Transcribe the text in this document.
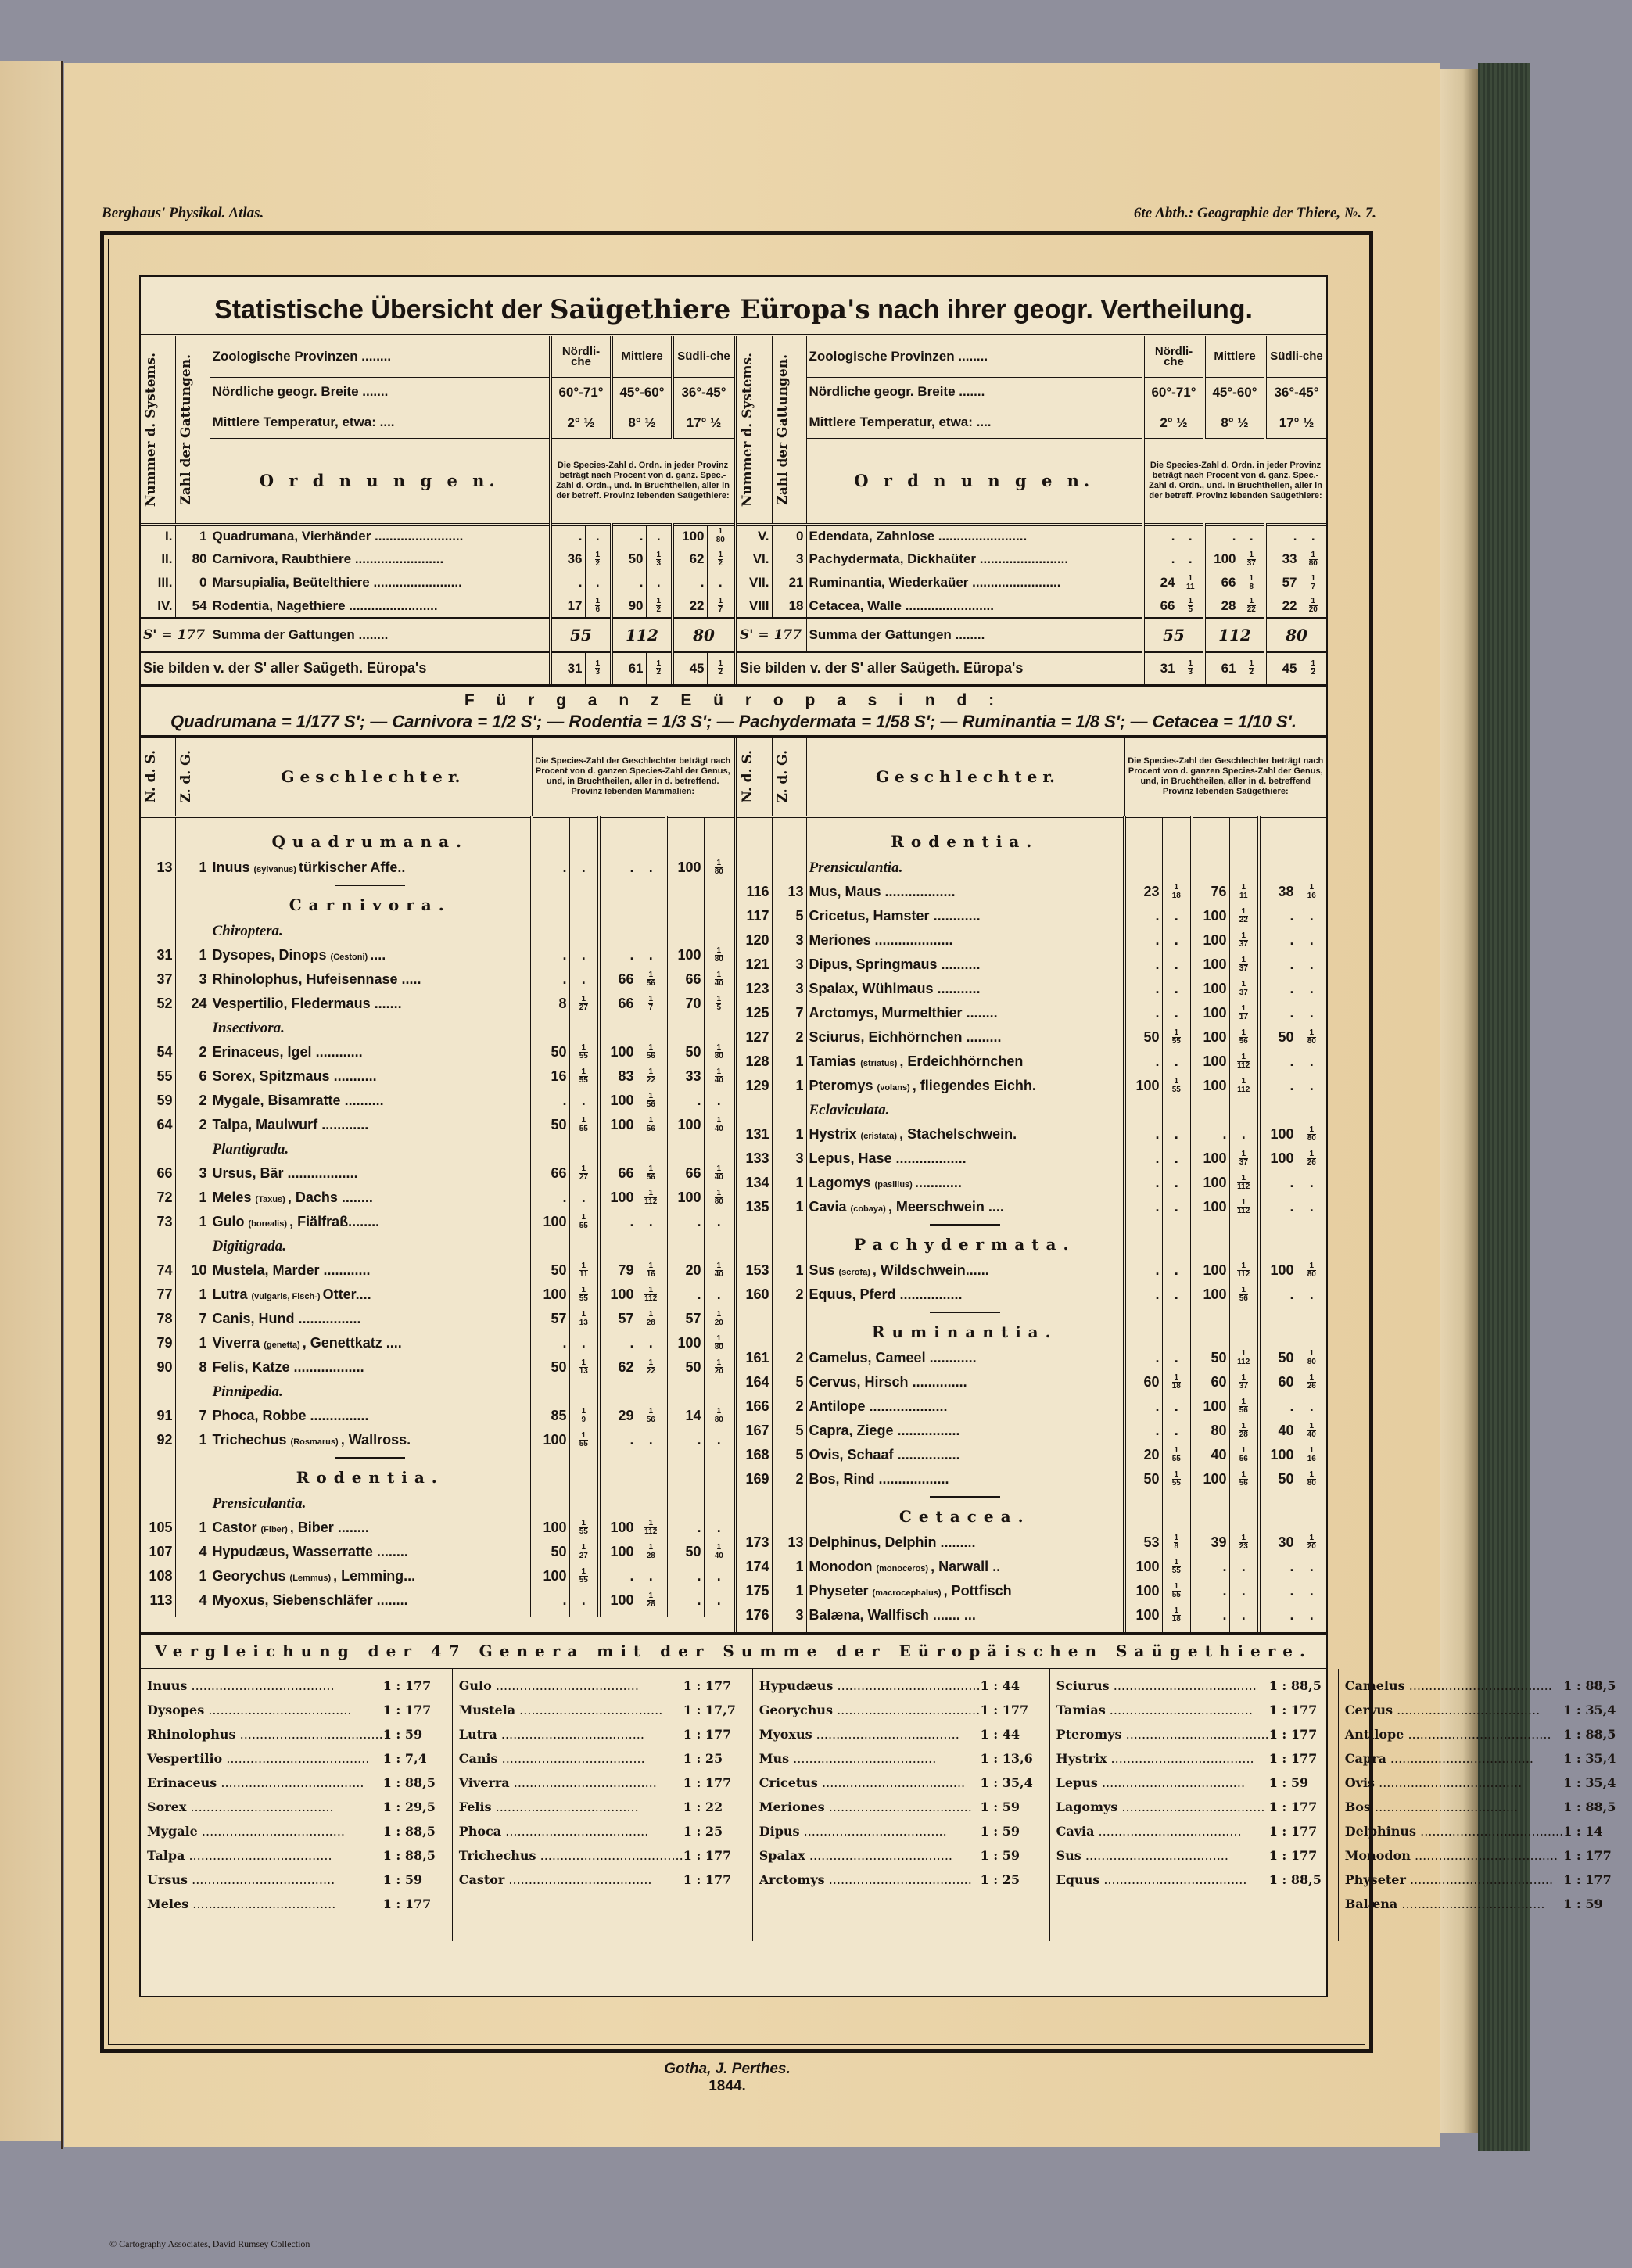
Berghaus' Physikal. Atlas.	6te Abth.: Geographie der Thiere, №. 7.
Statistische Übersicht der Saügethiere Eüropa's nach ihrer geogr. Vertheilung.
Nummer d. Systems.	Zahl der Gattungen.	Zoologische Provinzen ........	Nördli-che		Mittlere		Südli-che	
		Nördliche geogr. Breite .......	60°-71°		45°-60°		36°-45°	
		Mittlere Temperatur, etwa: ....	2° ½		8° ½		17° ½	
		O r d n u n g e n.	Die Species-Zahl d. Ordn. in jeder Provinz beträgt nach Procent von d. ganz. Spec.-Zahl d. Ordn., und. in Bruchtheilen, aller in der betreff. Provinz lebenden Saügethiere:					
I.	1	Quadrumana, Vierhänder ........................	.	.	.	.	100	$\frac{1}{80}$

II.	80	Carnivora, Raubthiere ........................	36	$\frac{1}{2}$	50	$\frac{1}{3}$	62	$\frac{1}{2}$

III.	0	Marsupialia, Beütelthiere ........................	.	.	.	.	.	.
IV.	54	Rodentia, Nagethiere ........................	17	$\frac{1}{6}$	90	$\frac{1}{2}$	22	$\frac{1}{7}$

S' = 177		Summa der Gattungen ........	55		112		80	
Sie bilden v. der S' aller Saügeth. Eüropa's			31	$\frac{1}{3}$	61	$\frac{1}{2}$	45	$\frac{1}{2}$
Nummer d. Systems.	Zahl der Gattungen.	Zoologische Provinzen ........	Nördli-che		Mittlere		Südli-che	
		Nördliche geogr. Breite .......	60°-71°		45°-60°		36°-45°	
		Mittlere Temperatur, etwa: ....	2° ½		8° ½		17° ½	
		O r d n u n g e n.	Die Species-Zahl d. Ordn. in jeder Provinz beträgt nach Procent von d. ganz. Spec.-Zahl d. Ordn., und. in Bruchtheilen, aller in der betreff. Provinz lebenden Saügethiere:					
V.	0	Edendata, Zahnlose ........................	.	.	.	.	.	.
VI.	3	Pachydermata, Dickhaüter ........................	.	.	100	$\frac{1}{37}$	33	$\frac{1}{80}$

VII.	21	Ruminantia, Wiederkaüer ........................	24	$\frac{1}{11}$	66	$\frac{1}{8}$	57	$\frac{1}{7}$

VIII	18	Cetacea, Walle ........................	66	$\frac{1}{5}$	28	$\frac{1}{22}$	22	$\frac{1}{20}$

S' = 177		Summa der Gattungen ........	55		112		80	
Sie bilden v. der S' aller Saügeth. Eüropa's			31	$\frac{1}{3}$	61	$\frac{1}{2}$	45	$\frac{1}{2}$
F ü r g a n z E ü r o p a s i n d :
Quadrumana = 1/177 S'; — Carnivora = 1/2 S'; — Rodentia = 1/3 S'; — Pachydermata = 1/58 S'; — Ruminantia = 1/8 S'; — Cetacea = 1/10 S'.
N. d. S.	Z. d. G.	G e s c h l e c h t e r.	Die Species-Zahl der Geschlechter beträgt nach Procent von d. ganzen Species-Zahl der Genus, und, in Bruchtheilen, aller in d. betreffend. Provinz lebenden Mammalien:					

		Quadrumana.						
13	1	Inuus (sylvanus) türkischer Affe..	.	.	.	.	100	$\frac{1}{80}$

		Carnivora.						
		Chiroptera.						
31	1	Dysopes, Dinops (Cestoni) ....	.	.	.	.	100	$\frac{1}{80}$

37	3	Rhinolophus, Hufeisennase .....	.	.	66	$\frac{1}{56}$	66	$\frac{1}{40}$

52	24	Vespertilio, Fledermaus .......	8	$\frac{1}{27}$	66	$\frac{1}{7}$	70	$\frac{1}{5}$

		Insectivora.						
54	2	Erinaceus, Igel ............	50	$\frac{1}{55}$	100	$\frac{1}{56}$	50	$\frac{1}{80}$

55	6	Sorex, Spitzmaus ...........	16	$\frac{1}{55}$	83	$\frac{1}{22}$	33	$\frac{1}{40}$

59	2	Mygale, Bisamratte ..........	.	.	100	$\frac{1}{56}$	.	.
64	2	Talpa, Maulwurf ............	50	$\frac{1}{55}$	100	$\frac{1}{56}$	100	$\frac{1}{40}$

		Plantigrada.						
66	3	Ursus, Bär ..................	66	$\frac{1}{27}$	66	$\frac{1}{56}$	66	$\frac{1}{40}$

72	1	Meles (Taxus) , Dachs ........	.	.	100	$\frac{1}{112}$	100	$\frac{1}{80}$

73	1	Gulo (borealis) , Fiälfraß........	100	$\frac{1}{55}$	.	.	.	.
		Digitigrada.						
74	10	Mustela, Marder ............	50	$\frac{1}{11}$	79	$\frac{1}{16}$	20	$\frac{1}{40}$

77	1	Lutra (vulgaris, Fisch-) Otter....	100	$\frac{1}{55}$	100	$\frac{1}{112}$	.	.
78	7	Canis, Hund ................	57	$\frac{1}{13}$	57	$\frac{1}{28}$	57	$\frac{1}{20}$

79	1	Viverra (genetta) , Genettkatz ....	.	.	.	.	100	$\frac{1}{80}$

90	8	Felis, Katze ..................	50	$\frac{1}{13}$	62	$\frac{1}{22}$	50	$\frac{1}{20}$

		Pinnipedia.						
91	7	Phoca, Robbe ...............	85	$\frac{1}{9}$	29	$\frac{1}{56}$	14	$\frac{1}{80}$

92	1	Trichechus (Rosmarus) , Wallross.	100	$\frac{1}{55}$	.	.	.	.

		Rodentia.						
		Prensiculantia.						
105	1	Castor (Fiber) , Biber ........	100	$\frac{1}{55}$	100	$\frac{1}{112}$	.	.
107	4	Hypudæus, Wasserratte ........	50	$\frac{1}{27}$	100	$\frac{1}{28}$	50	$\frac{1}{40}$

108	1	Georychus (Lemmus) , Lemming...	100	$\frac{1}{55}$	.	.	.	.
113	4	Myoxus, Siebenschläfer ........	.	.	100	$\frac{1}{28}$	.	.

N. d. S.	Z. d. G.	G e s c h l e c h t e r.	Die Species-Zahl der Geschlechter beträgt nach Procent von d. ganzen Species-Zahl der Genus, und, in Bruchtheilen, aller in d. betreffend Provinz lebenden Saügethiere:					

		Rodentia.						
		Prensiculantia.						
116	13	Mus, Maus ..................	23	$\frac{1}{18}$	76	$\frac{1}{11}$	38	$\frac{1}{16}$

117	5	Cricetus, Hamster ............	.	.	100	$\frac{1}{22}$	.	.
120	3	Meriones ....................	.	.	100	$\frac{1}{37}$	.	.
121	3	Dipus, Springmaus ..........	.	.	100	$\frac{1}{37}$	.	.
123	3	Spalax, Wühlmaus ...........	.	.	100	$\frac{1}{37}$	.	.
125	7	Arctomys, Murmelthier ........	.	.	100	$\frac{1}{17}$	.	.
127	2	Sciurus, Eichhörnchen .........	50	$\frac{1}{55}$	100	$\frac{1}{56}$	50	$\frac{1}{80}$

128	1	Tamias (striatus) , Erdeichhörnchen	.	.	100	$\frac{1}{112}$	.	.
129	1	Pteromys (volans) , fliegendes Eichh.	100	$\frac{1}{55}$	100	$\frac{1}{112}$	.	.
		Eclaviculata.						
131	1	Hystrix (cristata) , Stachelschwein.	.	.	.	.	100	$\frac{1}{80}$

133	3	Lepus, Hase ..................	.	.	100	$\frac{1}{37}$	100	$\frac{1}{26}$

134	1	Lagomys (pasillus) ............	.	.	100	$\frac{1}{112}$	.	.
135	1	Cavia (cobaya) , Meerschwein ....	.	.	100	$\frac{1}{112}$	.	.

		Pachydermata.						
153	1	Sus (scrofa) , Wildschwein......	.	.	100	$\frac{1}{112}$	100	$\frac{1}{80}$

160	2	Equus, Pferd ................	.	.	100	$\frac{1}{56}$	.	.

		Ruminantia.						
161	2	Camelus, Cameel ............	.	.	50	$\frac{1}{112}$	50	$\frac{1}{80}$

164	5	Cervus, Hirsch ..............	60	$\frac{1}{18}$	60	$\frac{1}{37}$	60	$\frac{1}{26}$

166	2	Antilope ....................	.	.	100	$\frac{1}{56}$	.	.
167	5	Capra, Ziege ................	.	.	80	$\frac{1}{28}$	40	$\frac{1}{40}$

168	5	Ovis, Schaaf ................	20	$\frac{1}{55}$	40	$\frac{1}{56}$	100	$\frac{1}{16}$

169	2	Bos, Rind ..................	50	$\frac{1}{55}$	100	$\frac{1}{56}$	50	$\frac{1}{80}$

		Cetacea.						
173	13	Delphinus, Delphin .........	53	$\frac{1}{8}$	39	$\frac{1}{23}$	30	$\frac{1}{20}$

174	1	Monodon (monoceros) , Narwall ..	100	$\frac{1}{55}$	.	.	.	.
175	1	Physeter (macrocephalus) , Pottfisch	100	$\frac{1}{55}$	.	.	.	.
176	3	Balæna, Wallfisch ....... ...	100	$\frac{1}{18}$	.	.	.	.

Vergleichung der 47 Genera mit der Summe der Eüropäischen Saügethiere.
Inuus .....	1 : 177
Dysopes .....	1 : 177
Rhinolophus .....	1 : 59
Vespertilio .....	1 : 7,4
Erinaceus .....	1 : 88,5
Sorex .....	1 : 29,5
Mygale .....	1 : 88,5
Talpa .....	1 : 88,5
Ursus .....	1 : 59
Meles .....	1 : 177
Gulo .....	1 : 177
Mustela .....	1 : 17,7
Lutra .....	1 : 177
Canis .....	1 : 25
Viverra .....	1 : 177
Felis .....	1 : 22
Phoca .....	1 : 25
Trichechus .....	1 : 177
Castor .....	1 : 177
Hypudæus .....	1 : 44
Georychus .....	1 : 177
Myoxus .....	1 : 44
Mus .....	1 : 13,6
Cricetus .....	1 : 35,4
Meriones .....	1 : 59
Dipus .....	1 : 59
Spalax .....	1 : 59
Arctomys .....	1 : 25
Sciurus .....	1 : 88,5
Tamias .....	1 : 177
Pteromys .....	1 : 177
Hystrix .....	1 : 177
Lepus .....	1 : 59
Lagomys .....	1 : 177
Cavia .....	1 : 177
Sus .....	1 : 177
Equus .....	1 : 88,5
Camelus .....	1 : 88,5
Cervus .....	1 : 35,4
Antilope .....	1 : 88,5
Capra .....	1 : 35,4
Ovis .....	1 : 35,4
Bos .....	1 : 88,5
Delphinus .....	1 : 14
Monodon .....	1 : 177
Physeter .....	1 : 177
Balæna .....	1 : 59
Gotha, J. Perthes.
1844.
© Cartography Associates, David Rumsey Collection
